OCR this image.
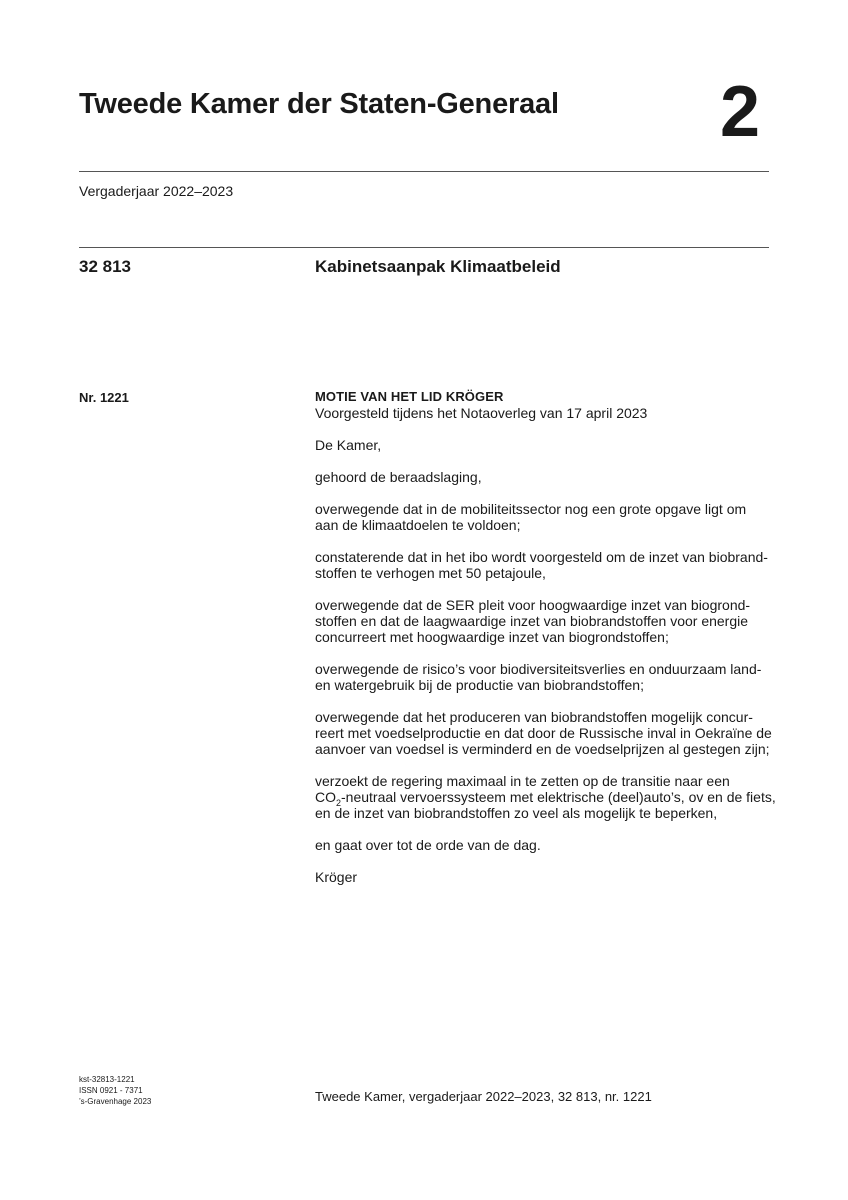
Tweede Kamer der Staten-Generaal 2
Vergaderjaar 2022–2023
32 813	Kabinetsaanpak Klimaatbeleid
Nr. 1221	MOTIE VAN HET LID KRÖGER

Voorgesteld tijdens het Notaoverleg van 17 april 2023

De Kamer,

gehoord de beraadslaging,

overwegende dat in de mobiliteitssector nog een grote opgave ligt om
aan de klimaatdoelen te voldoen;

constaterende dat in het ibo wordt voorgesteld om de inzet van biobrand-
stoffen te verhogen met 50 petajoule,

overwegende dat de SER pleit voor hoogwaardige inzet van biogrond-
stoffen en dat de laagwaardige inzet van biobrandstoffen voor energie
concurreert met hoogwaardige inzet van biogrondstoffen;

overwegende de risico’s voor biodiversiteitsverlies en onduurzaam land-
en watergebruik bij de productie van biobrandstoffen;

overwegende dat het produceren van biobrandstoffen mogelijk concur-
reert met voedselproductie en dat door de Russische inval in Oekraïne de
aanvoer van voedsel is verminderd en de voedselprijzen al gestegen zijn;

verzoekt de regering maximaal in te zetten op de transitie naar een
$CO_2$-neutraal vervoerssysteem met elektrische (deel)auto’s, ov en de fiets,
en de inzet van biobrandstoffen zo veel als mogelijk te beperken,

en gaat over tot de orde van de dag.

Kröger

kst-32813-1221
ISSN 0921 - 7371
’s-Gravenhage 2023	Tweede Kamer, vergaderjaar 2022–2023, 32 813, nr. 1221
